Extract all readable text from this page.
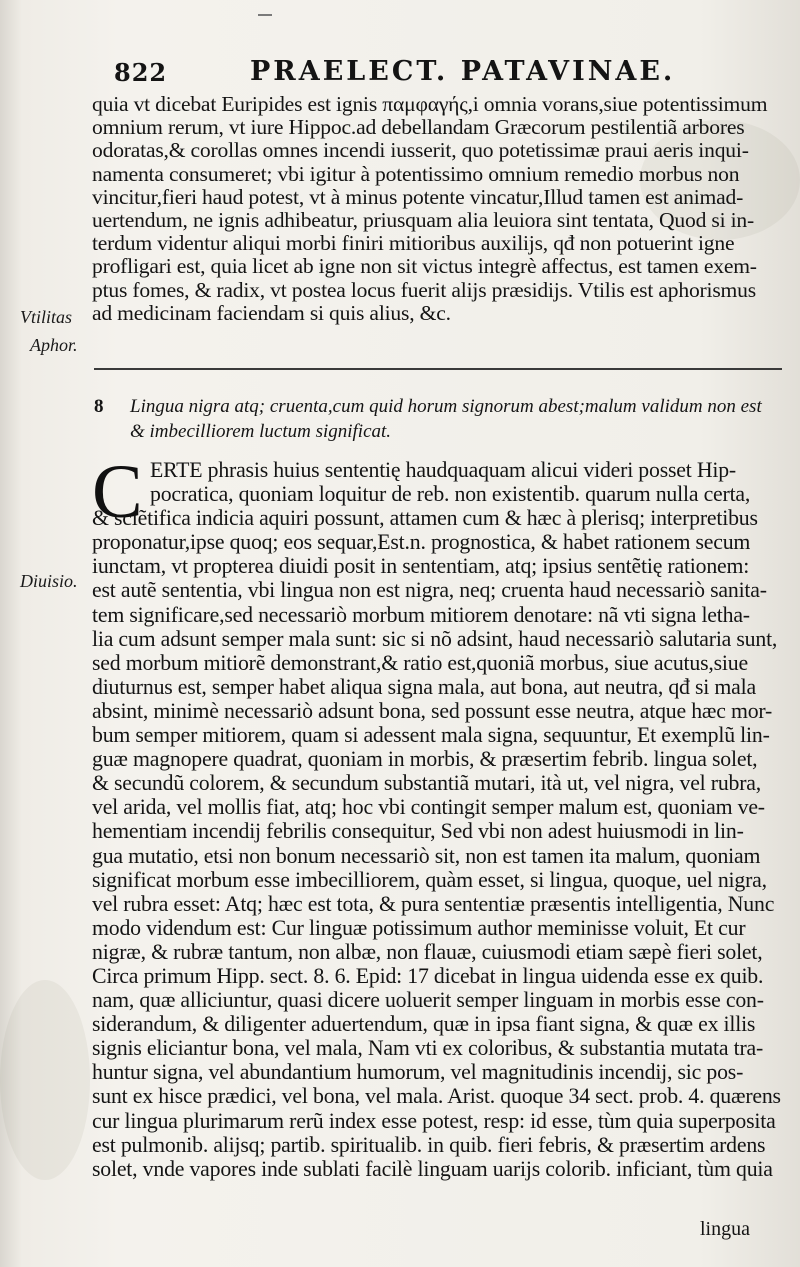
822	PRAELECT. PATAVINAE.
quia vt dicebat Euripides est ignis παμφαγής,i omnia vorans,siue potentissimum
omnium rerum, vt iure Hippoc.ad debellandam Græcorum pestilentiã arbores
odoratas,& corollas omnes incendi iusserit, quo potetissimæ praui aeris inqui-
namenta consumeret; vbi igitur à potentissimo omnium remedio morbus non
vincitur,fieri haud potest, vt à minus potente vincatur,Illud tamen est animad-
uertendum, ne ignis adhibeatur, priusquam alia leuiora sint tentata, Quod si in-
terdum videntur aliqui morbi finiri mitioribus auxilijs, qđ non potuerint igne
profligari est, quia licet ab igne non sit victus integrè affectus, est tamen exem-
ptus fomes, & radix, vt postea locus fuerit alijs præsidijs. Vtilis est aphorismus
ad medicinam faciendam si quis alius, &c.
Vtilitas
Aphor.
8 Lingua nigra atq; cruenta,cum quid horum signorum abest;malum validum non est
& imbecilliorem luctum significat.
C ERTE phrasis huius sententię haudquaquam alicui videri posset Hip-
pocratica, quoniam loquitur de reb. non existentib. quarum nulla certa,
& sciẽtifica indicia aquiri possunt, attamen cum & hæc à plerisq; interpretibus
proponatur,ipse quoq; eos sequar,Est.n. prognostica, & habet rationem secum
iunctam, vt propterea diuidi posit in sententiam, atq; ipsius sentẽtię rationem:
est autẽ sententia, vbi lingua non est nigra, neq; cruenta haud necessariò sanita-
tem significare,sed necessariò morbum mitiorem denotare: nã vti signa letha-
lia cum adsunt semper mala sunt: sic si nõ adsint, haud necessariò salutaria sunt,
sed morbum mitiorẽ demonstrant,& ratio est,quoniã morbus, siue acutus,siue
diuturnus est, semper habet aliqua signa mala, aut bona, aut neutra, qđ si mala
absint, minimè necessariò adsunt bona, sed possunt esse neutra, atque hæc mor-
bum semper mitiorem, quam si adessent mala signa, sequuntur, Et exemplũ lin-
guæ magnopere quadrat, quoniam in morbis, & præsertim febrib. lingua solet,
& secundũ colorem, & secundum substantiã mutari, ità ut, vel nigra, vel rubra,
vel arida, vel mollis fiat, atq; hoc vbi contingit semper malum est, quoniam ve-
hementiam incendij febrilis consequitur, Sed vbi non adest huiusmodi in lin-
gua mutatio, etsi non bonum necessariò sit, non est tamen ita malum, quoniam
significat morbum esse imbecilliorem, quàm esset, si lingua, quoque, uel nigra,
vel rubra esset: Atq; hæc est tota, & pura sententiæ præsentis intelligentia, Nunc
modo videndum est: Cur linguæ potissimum author meminisse voluit, Et cur
nigræ, & rubræ tantum, non albæ, non flauæ, cuiusmodi etiam sæpè fieri solet,
Circa primum Hipp. sect. 8. 6. Epid: 17 dicebat in lingua uidenda esse ex quib.
nam, quæ alliciuntur, quasi dicere uoluerit semper linguam in morbis esse con-
siderandum, & diligenter aduertendum, quæ in ipsa fiant signa, & quæ ex illis
signis eliciantur bona, vel mala, Nam vti ex coloribus, & substantia mutata tra-
huntur signa, vel abundantium humorum, vel magnitudinis incendij, sic pos-
sunt ex hisce prædici, vel bona, vel mala. Arist. quoque 34 sect. prob. 4. quærens
cur lingua plurimarum rerũ index esse potest, resp: id esse, tùm quia superposita
est pulmonib. alijsq; partib. spiritualib. in quib. fieri febris, & præsertim ardens
solet, vnde vapores inde sublati facilè linguam uarijs colorib. inficiant, tùm quia
Diuisio.
lingua
